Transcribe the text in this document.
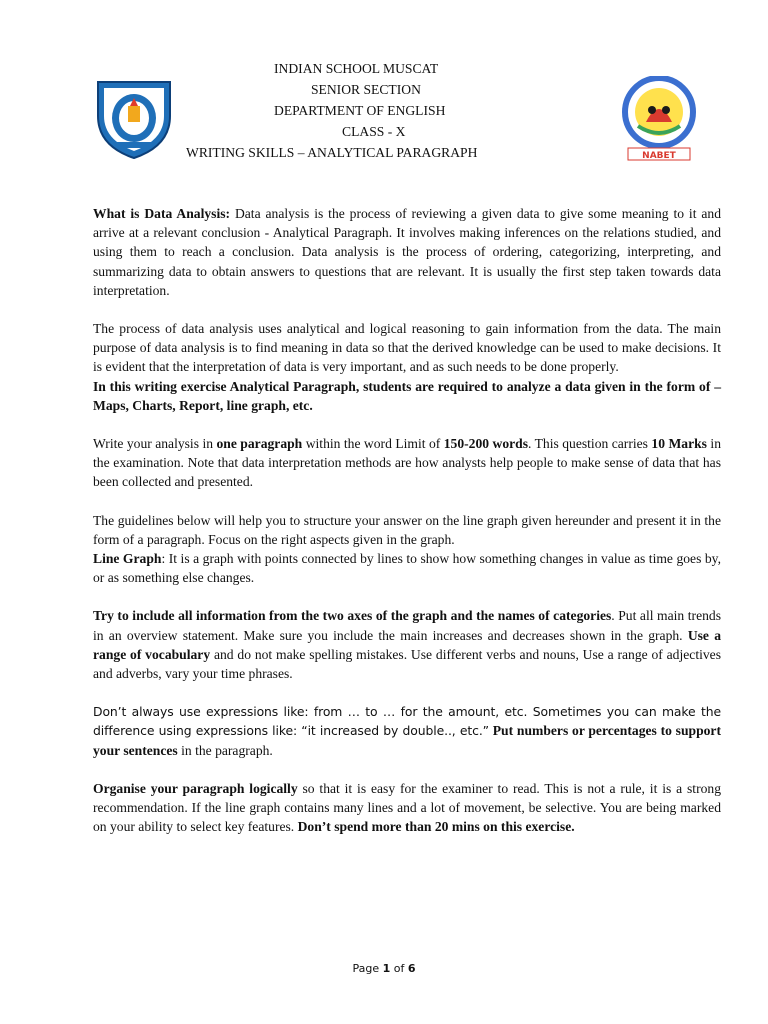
NABET
INDIAN SCHOOL MUSCAT
SENIOR SECTION
DEPARTMENT OF ENGLISH
CLASS - X
WRITING SKILLS – ANALYTICAL PARAGRAPH

What is Data Analysis: Data analysis is the process of reviewing a given data to give some meaning to it and arrive at a relevant conclusion - Analytical Paragraph. It involves making inferences on the relations studied, and using them to reach a conclusion. Data analysis is the process of ordering, categorizing, interpreting, and summarizing data to obtain answers to questions that are relevant. It is usually the first step taken towards data interpretation.

The process of data analysis uses analytical and logical reasoning to gain information from the data. The main purpose of data analysis is to find meaning in data so that the derived knowledge can be used to make decisions. It is evident that the interpretation of data is very important, and as such needs to be done properly.
In this writing exercise Analytical Paragraph, students are required to analyze a data given in the form of – Maps, Charts, Report, line graph, etc.

Write your analysis in one paragraph within the word Limit of 150-200 words. This question carries 10 Marks in the examination. Note that data interpretation methods are how analysts help people to make sense of data that has been collected and presented.

The guidelines below will help you to structure your answer on the line graph given hereunder and present it in the form of a paragraph. Focus on the right aspects given in the graph.
Line Graph: It is a graph with points connected by lines to show how something changes in value as time goes by, or as something else changes.

Try to include all information from the two axes of the graph and the names of categories. Put all main trends in an overview statement. Make sure you include the main increases and decreases shown in the graph. Use a range of vocabulary and do not make spelling mistakes. Use different verbs and nouns, Use a range of adjectives and adverbs, vary your time phrases.

Don’t always use expressions like: from … to … for the amount, etc. Sometimes you can make the difference using expressions like: “it increased by double.., etc.” Put numbers or percentages to support your sentences in the paragraph.

Organise your paragraph logically so that it is easy for the examiner to read. This is not a rule, it is a strong recommendation. If the line graph contains many lines and a lot of movement, be selective. You are being marked on your ability to select key features. Don’t spend more than 20 mins on this exercise.

Page 1 of 6
